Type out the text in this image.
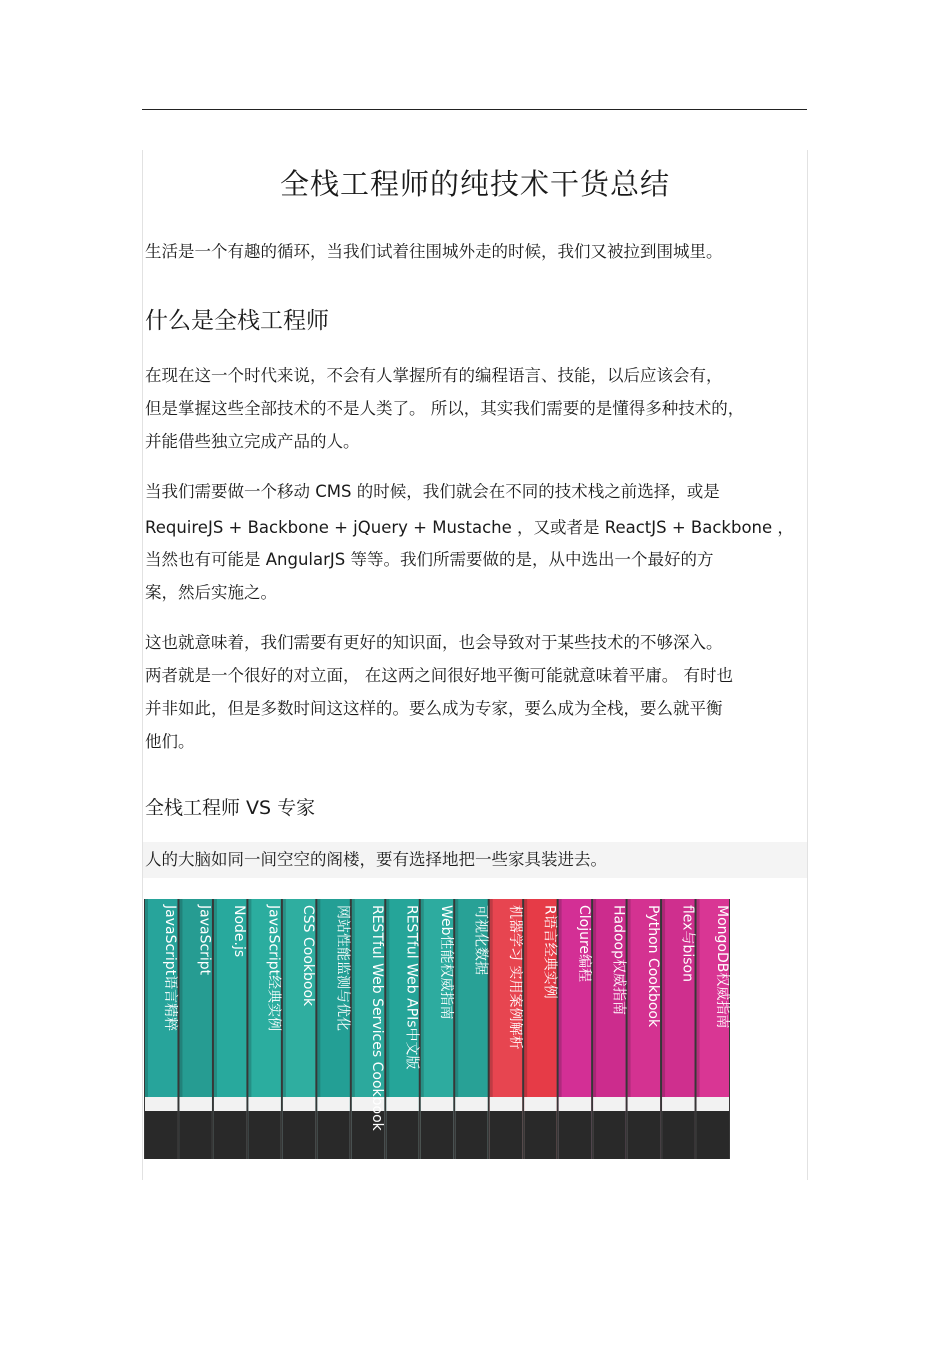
全栈工程师的纯技术干货总结

生活是一个有趣的循环，当我们试着往围城外走的时候，我们又被拉到围城里。

什么是全栈工程师

在现在这一个时代来说，不会有人掌握所有的编程语言、技能，以后应该会有，

但是掌握这些全部技术的不是人类了。 所以，其实我们需要的是懂得多种技术的，

并能借些独立完成产品的人。

当我们需要做一个移动 CMS 的时候，我们就会在不同的技术栈之前选择，或是

RequireJS + Backbone + jQuery + Mustache ，又或者是 ReactJS + Backbone ，

当然也有可能是 AngularJS 等等。我们所需要做的是，从中选出一个最好的方

案，然后实施之。

这也就意味着，我们需要有更好的知识面，也会导致对于某些技术的不够深入。

两者就是一个很好的对立面， 在这两之间很好地平衡可能就意味着平庸。 有时也

并非如此，但是多数时间这这样的。要么成为专家，要么成为全栈，要么就平衡

他们。

全栈工程师 VS 专家
人的大脑如同一间空空的阁楼，要有选择地把一些家具装进去。
